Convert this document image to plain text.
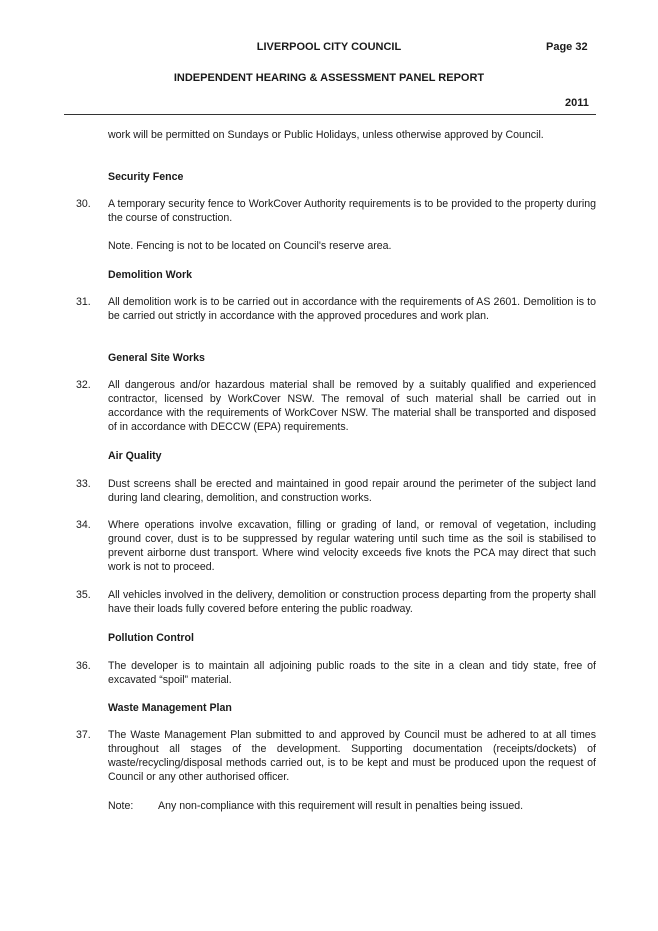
LIVERPOOL CITY COUNCIL	Page 32
INDEPENDENT HEARING & ASSESSMENT PANEL REPORT
2011
work will be permitted on Sundays or Public Holidays, unless otherwise approved by Council.
Security Fence
30. A temporary security fence to WorkCover Authority requirements is to be provided to the property during the course of construction.
Note. Fencing is not to be located on Council's reserve area.
Demolition Work
31. All demolition work is to be carried out in accordance with the requirements of AS 2601. Demolition is to be carried out strictly in accordance with the approved procedures and work plan.
General Site Works
32. All dangerous and/or hazardous material shall be removed by a suitably qualified and experienced contractor, licensed by WorkCover NSW. The removal of such material shall be carried out in accordance with the requirements of WorkCover NSW. The material shall be transported and disposed of in accordance with DECCW (EPA) requirements.
Air Quality
33. Dust screens shall be erected and maintained in good repair around the perimeter of the subject land during land clearing, demolition, and construction works.
34. Where operations involve excavation, filling or grading of land, or removal of vegetation, including ground cover, dust is to be suppressed by regular watering until such time as the soil is stabilised to prevent airborne dust transport. Where wind velocity exceeds five knots the PCA may direct that such work is not to proceed.
35. All vehicles involved in the delivery, demolition or construction process departing from the property shall have their loads fully covered before entering the public roadway.
Pollution Control
36. The developer is to maintain all adjoining public roads to the site in a clean and tidy state, free of excavated “spoil” material.
Waste Management Plan
37. The Waste Management Plan submitted to and approved by Council must be adhered to at all times throughout all stages of the development. Supporting documentation (receipts/dockets) of waste/recycling/disposal methods carried out, is to be kept and must be produced upon the request of Council or any other authorised officer.
Note: Any non-compliance with this requirement will result in penalties being issued.
